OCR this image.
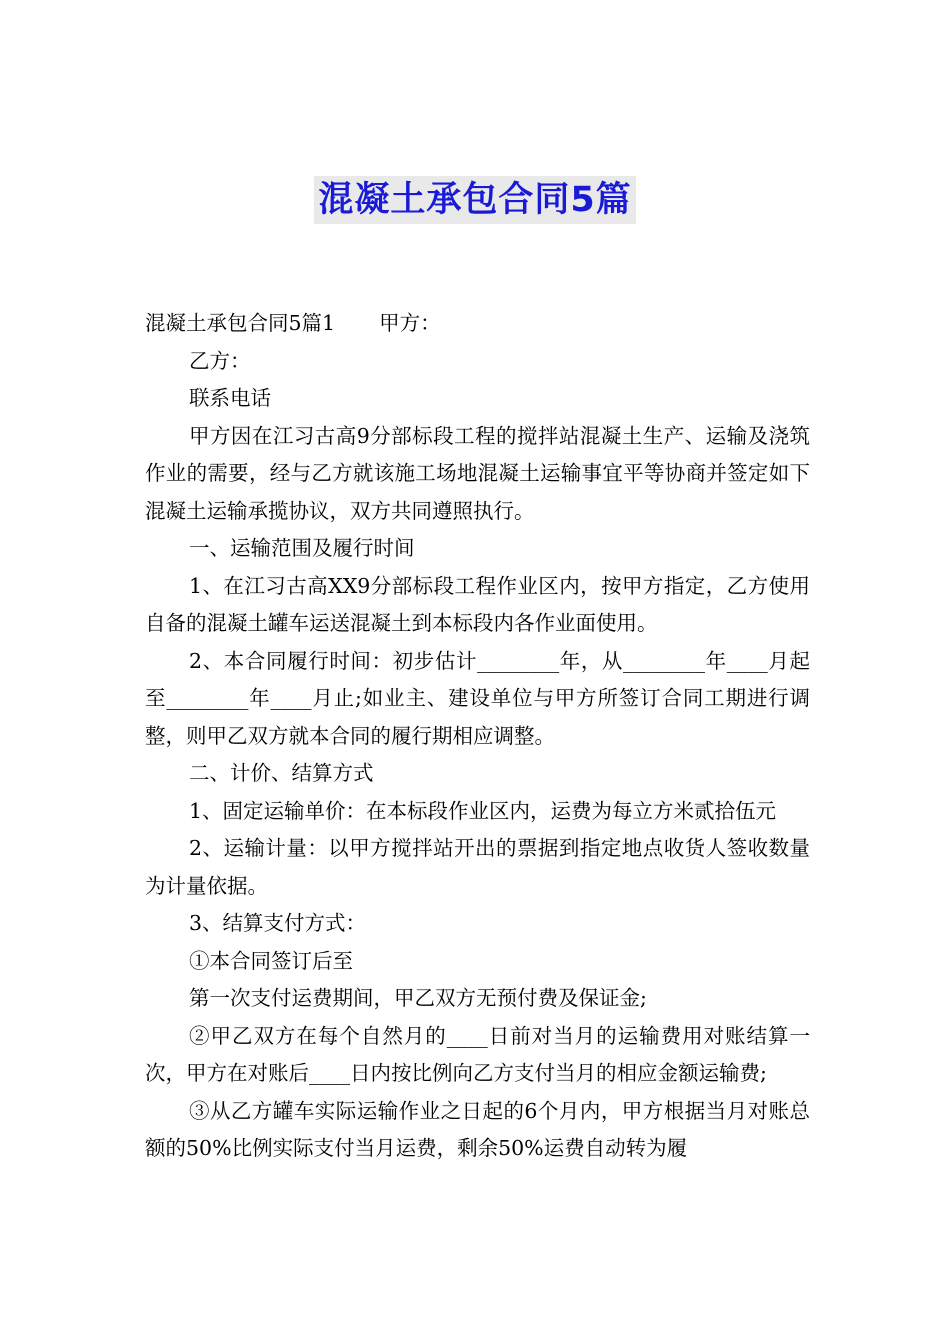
混凝土承包合同5篇

混凝土承包合同5篇1 甲方：

乙方：

联系电话

甲方因在江习古高9分部标段工程的搅拌站混凝土生产、运输及浇筑作业的需要，经与乙方就该施工场地混凝土运输事宜平等协商并签定如下混凝土运输承揽协议，双方共同遵照执行。

一、运输范围及履行时间

1、在江习古高XX9分部标段工程作业区内，按甲方指定，乙方使用自备的混凝土罐车运送混凝土到本标段内各作业面使用。

2、本合同履行时间：初步估计________年，从________年____月起至________年____月止;如业主、建设单位与甲方所签订合同工期进行调整，则甲乙双方就本合同的履行期相应调整。

二、计价、结算方式

1、固定运输单价：在本标段作业区内，运费为每立方米贰拾伍元

2、运输计量：以甲方搅拌站开出的票据到指定地点收货人签收数量为计量依据。

3、结算支付方式：

①本合同签订后至

第一次支付运费期间，甲乙双方无预付费及保证金;

②甲乙双方在每个自然月的____日前对当月的运输费用对账结算一次，甲方在对账后____日内按比例向乙方支付当月的相应金额运输费;

③从乙方罐车实际运输作业之日起的6个月内，甲方根据当月对账总额的50%比例实际支付当月运费，剩余50%运费自动转为履
